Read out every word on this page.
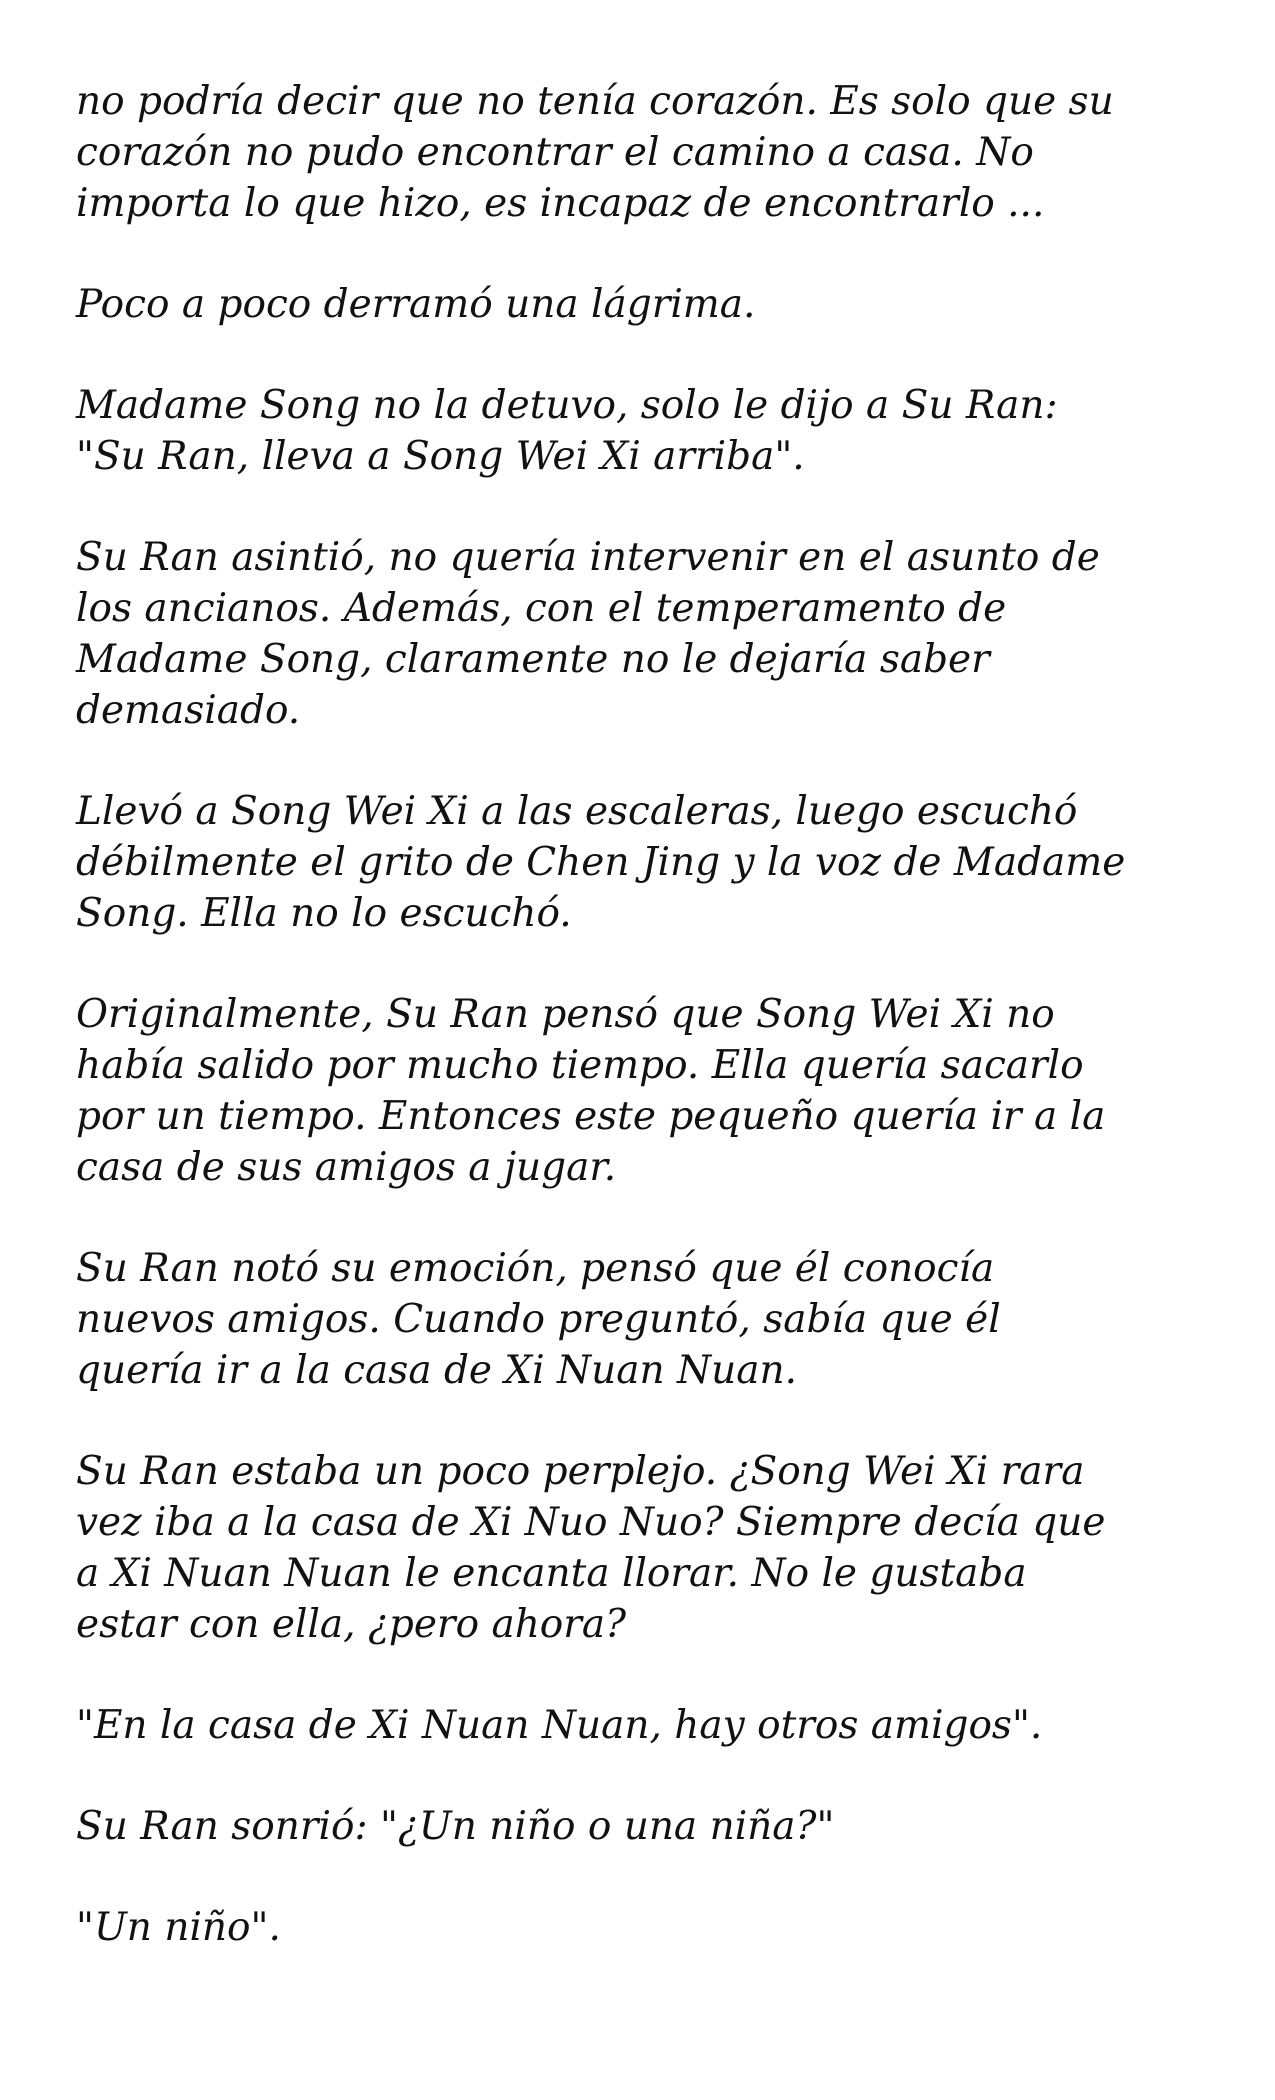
no podría decir que no tenía corazón. Es solo que su
corazón no pudo encontrar el camino a casa. No
importa lo que hizo, es incapaz de encontrarlo ...

Poco a poco derramó una lágrima.

Madame Song no la detuvo, solo le dijo a Su Ran:
"Su Ran, lleva a Song Wei Xi arriba".

Su Ran asintió, no quería intervenir en el asunto de
los ancianos. Además, con el temperamento de
Madame Song, claramente no le dejaría saber
demasiado.

Llevó a Song Wei Xi a las escaleras, luego escuchó
débilmente el grito de Chen Jing y la voz de Madame
Song. Ella no lo escuchó.

Originalmente, Su Ran pensó que Song Wei Xi no
había salido por mucho tiempo. Ella quería sacarlo
por un tiempo. Entonces este pequeño quería ir a la
casa de sus amigos a jugar.

Su Ran notó su emoción, pensó que él conocía
nuevos amigos. Cuando preguntó, sabía que él
quería ir a la casa de Xi Nuan Nuan.

Su Ran estaba un poco perplejo. ¿Song Wei Xi rara
vez iba a la casa de Xi Nuo Nuo? Siempre decía que
a Xi Nuan Nuan le encanta llorar. No le gustaba
estar con ella, ¿pero ahora?

"En la casa de Xi Nuan Nuan, hay otros amigos".

Su Ran sonrió: "¿Un niño o una niña?"

"Un niño".
